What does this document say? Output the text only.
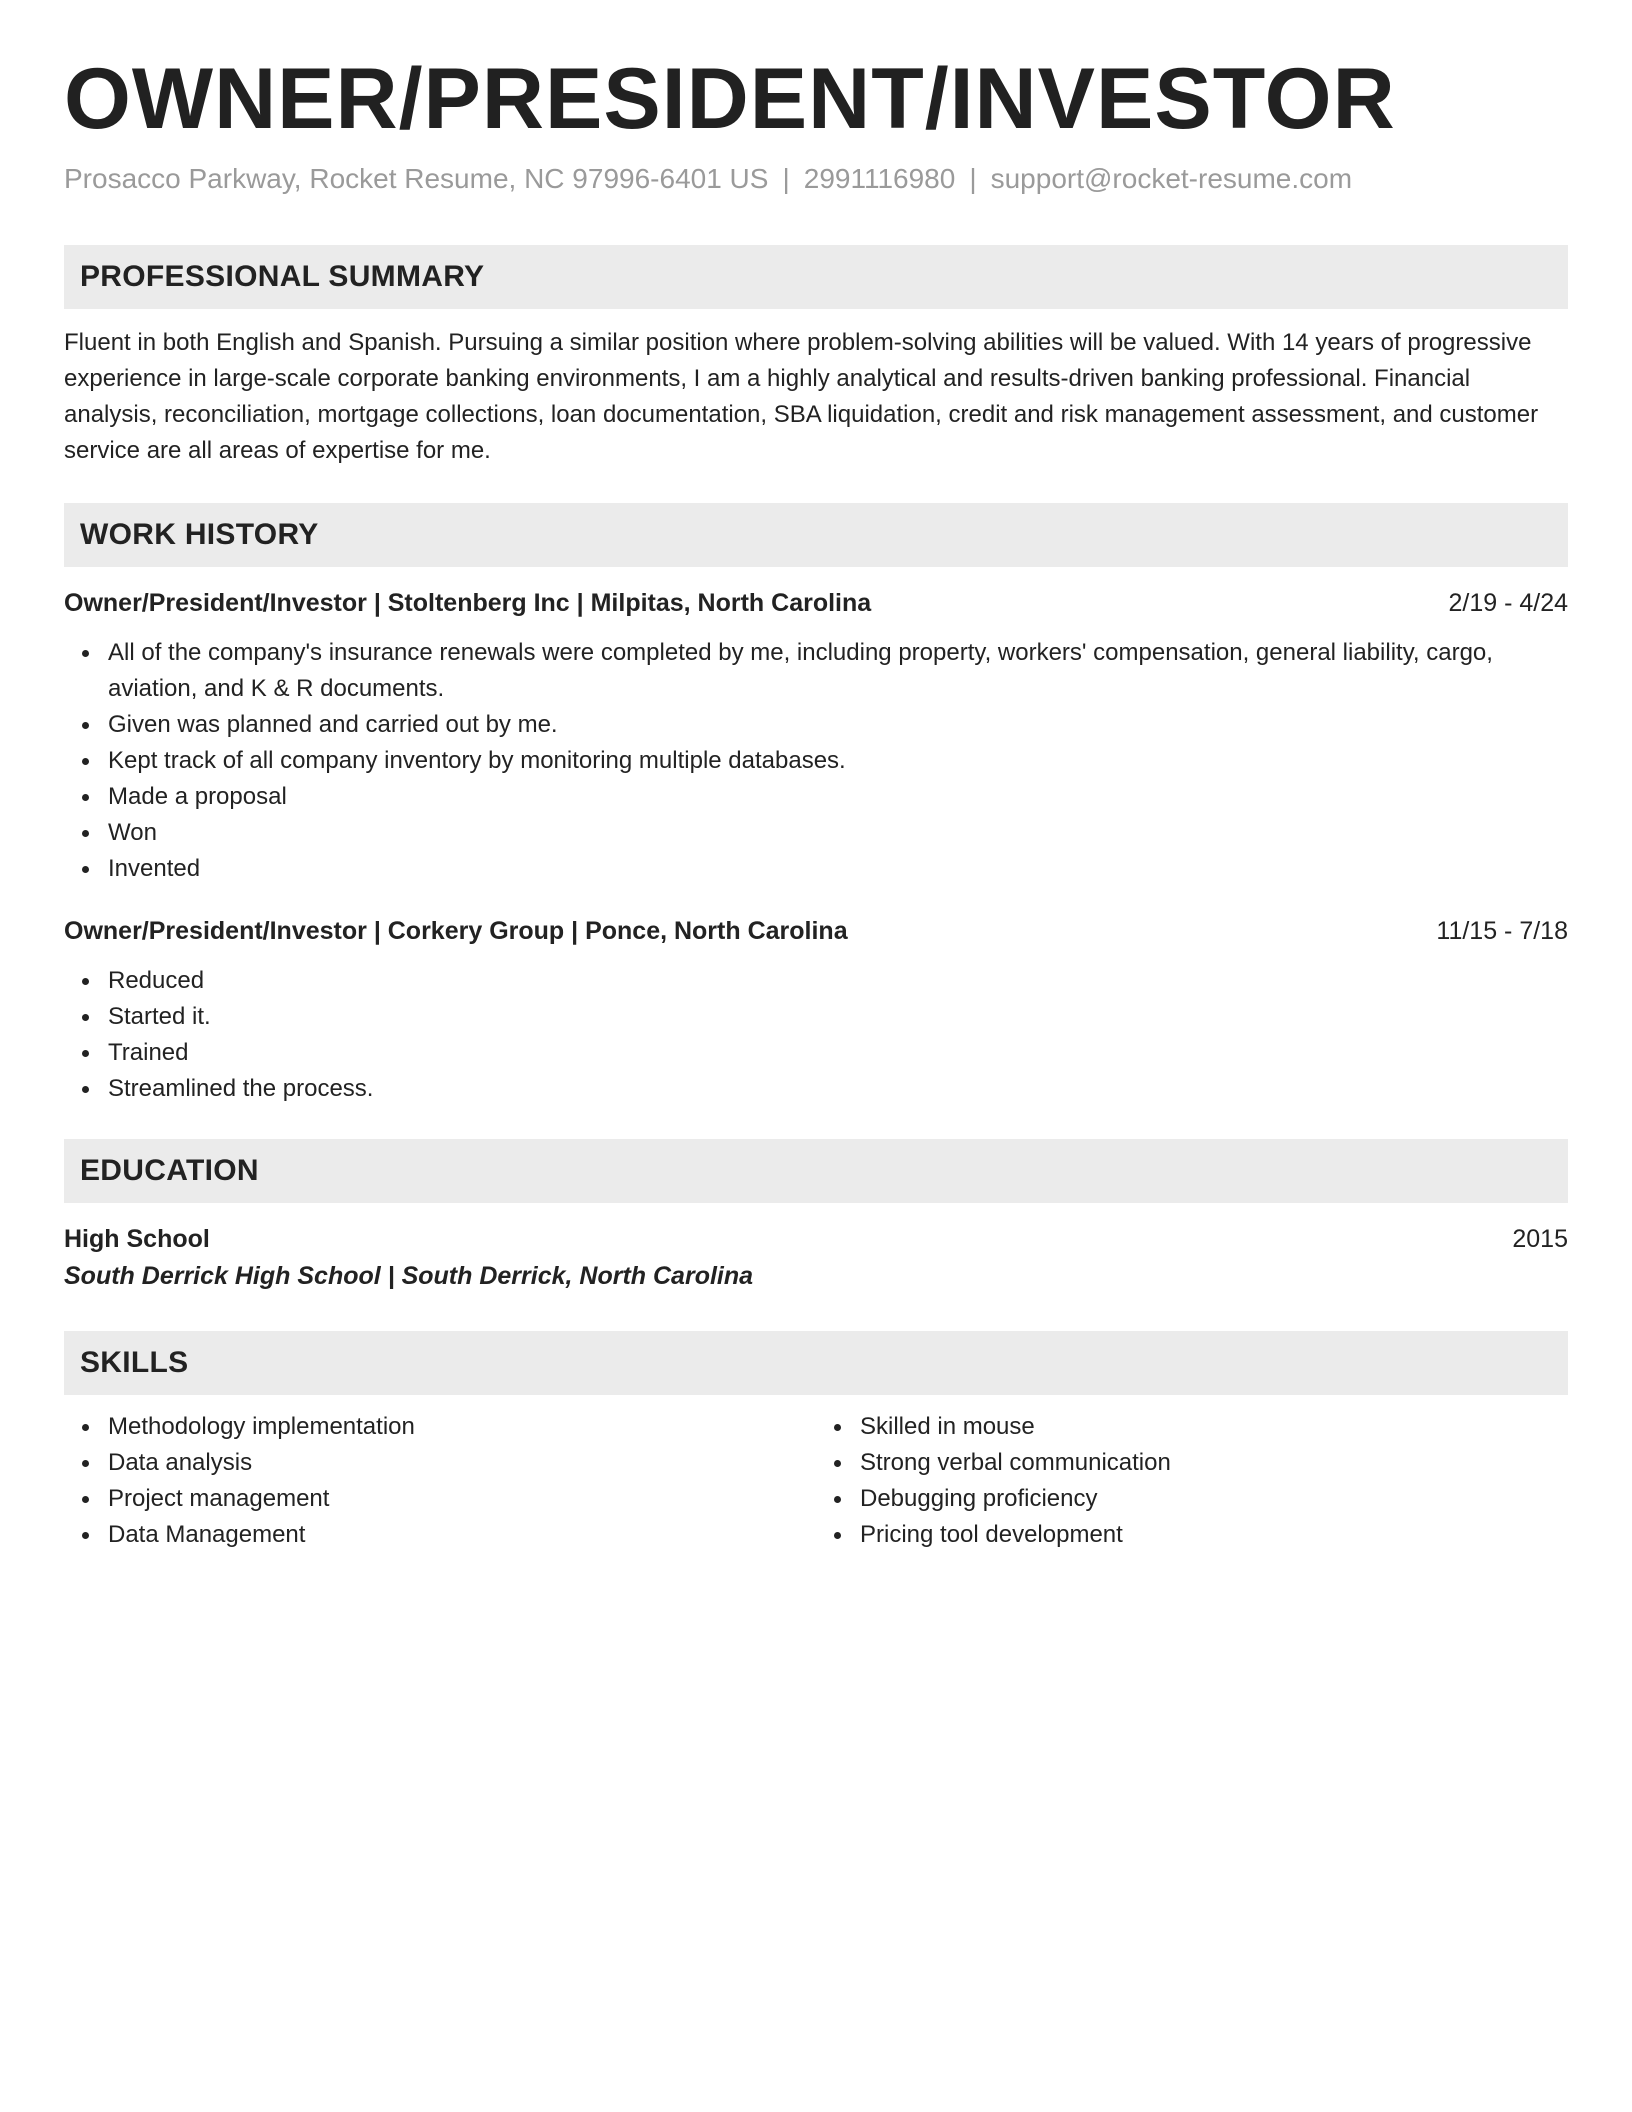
OWNER/PRESIDENT/INVESTOR
Prosacco Parkway, Rocket Resume, NC 97996-6401 US | 2991116980 | support@rocket-resume.com
PROFESSIONAL SUMMARY

Fluent in both English and Spanish. Pursuing a similar position where problem-solving abilities will be valued. With 14 years of progressive experience in large-scale corporate banking environments, I am a highly analytical and results-driven banking professional. Financial analysis, reconciliation, mortgage collections, loan documentation, SBA liquidation, credit and risk management assessment, and customer service are all areas of expertise for me.

WORK HISTORY
Owner/President/Investor | Stoltenberg Inc | Milpitas, North Carolina	2/19 - 4/24
All of the company's insurance renewals were completed by me, including property, workers' compensation, general liability, cargo, aviation, and K & R documents.
Given was planned and carried out by me.
Kept track of all company inventory by monitoring multiple databases.
Made a proposal
Won
Invented
Owner/President/Investor | Corkery Group | Ponce, North Carolina	11/15 - 7/18
Reduced
Started it.
Trained
Streamlined the process.
EDUCATION
High School	2015
South Derrick High School | South Derrick, North Carolina
SKILLS
Methodology implementation
Data analysis
Project management
Data Management
Skilled in mouse
Strong verbal communication
Debugging proficiency
Pricing tool development
